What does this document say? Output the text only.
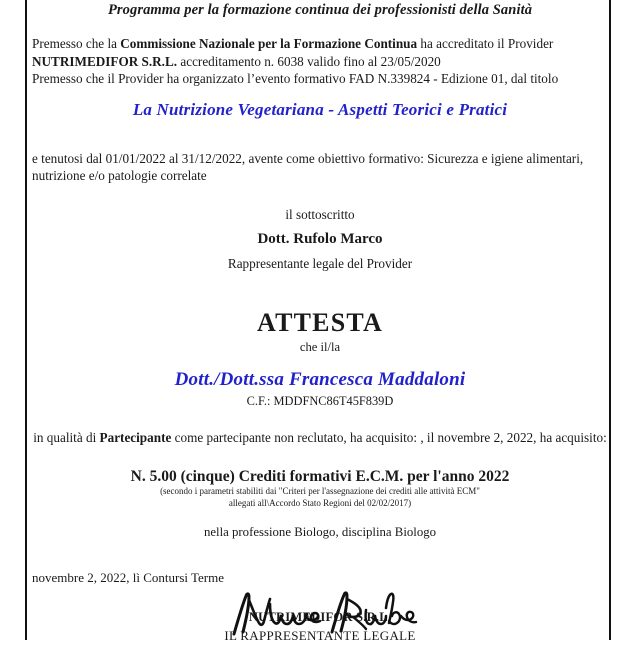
Programma per la formazione continua dei professionisti della Sanità
Premesso che la Commissione Nazionale per la Formazione Continua ha accreditato il Provider
NUTRIMEDIFOR S.R.L. accreditamento n. 6038 valido fino al 23/05/2020
Premesso che il Provider ha organizzato l’evento formativo FAD N.339824 - Edizione 01, dal titolo
La Nutrizione Vegetariana - Aspetti Teorici e Pratici
e tenutosi dal 01/01/2022 al 31/12/2022, avente come obiettivo formativo: Sicurezza e igiene alimentari, nutrizione e/o patologie correlate
il sottoscritto
Dott. Rufolo Marco
Rappresentante legale del Provider
ATTESTA
che il/la
Dott./Dott.ssa Francesca Maddaloni
C.F.: MDDFNC86T45F839D
in qualità di Partecipante come partecipante non reclutato, ha acquisito: , il novembre 2, 2022, ha acquisito:
N. 5.00 (cinque) Crediti formativi E.C.M. per l'anno 2022
(secondo i parametri stabiliti dai "Criteri per l'assegnazione dei crediti alle attività ECM"
allegati all\Accordo Stato Regioni del 02/02/2017)
nella professione Biologo, disciplina Biologo
novembre 2, 2022, lì Contursi Terme
NUTRIMEDIFOR S.R.L.
IL RAPPRESENTANTE LEGALE
